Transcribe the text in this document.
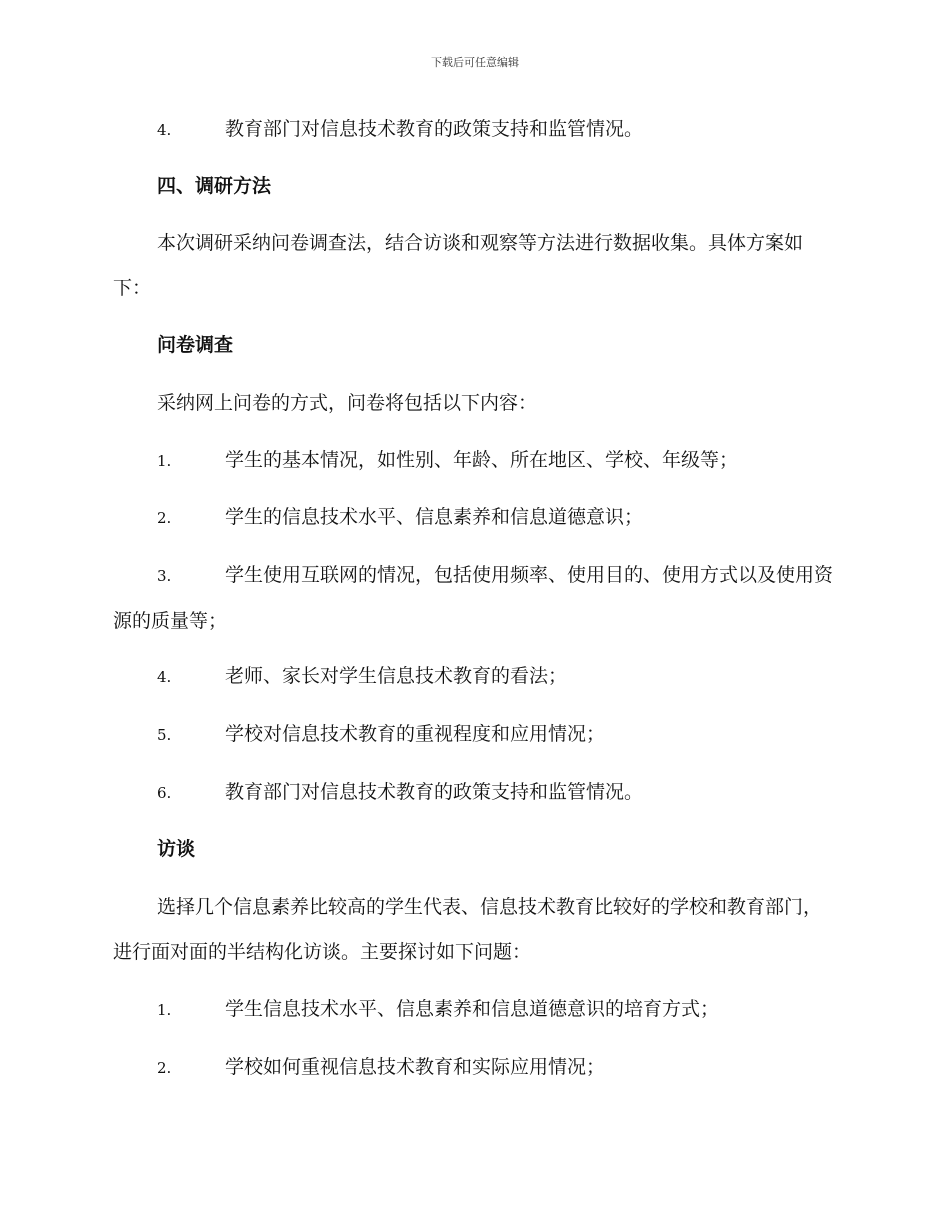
下载后可任意编辑
4.	教育部门对信息技术教育的政策支持和监管情况。
四、调研方法
本次调研采纳问卷调查法，结合访谈和观察等方法进行数据收集。具体方案如下：
问卷调查
采纳网上问卷的方式，问卷将包括以下内容：
1.	学生的基本情况，如性别、年龄、所在地区、学校、年级等；
2.	学生的信息技术水平、信息素养和信息道德意识；
3.	学生使用互联网的情况，包括使用频率、使用目的、使用方式以及使用资源的质量等；
4.	老师、家长对学生信息技术教育的看法；
5.	学校对信息技术教育的重视程度和应用情况；
6.	教育部门对信息技术教育的政策支持和监管情况。
访谈
选择几个信息素养比较高的学生代表、信息技术教育比较好的学校和教育部门，进行面对面的半结构化访谈。主要探讨如下问题：
1.	学生信息技术水平、信息素养和信息道德意识的培育方式；
2.	学校如何重视信息技术教育和实际应用情况；
